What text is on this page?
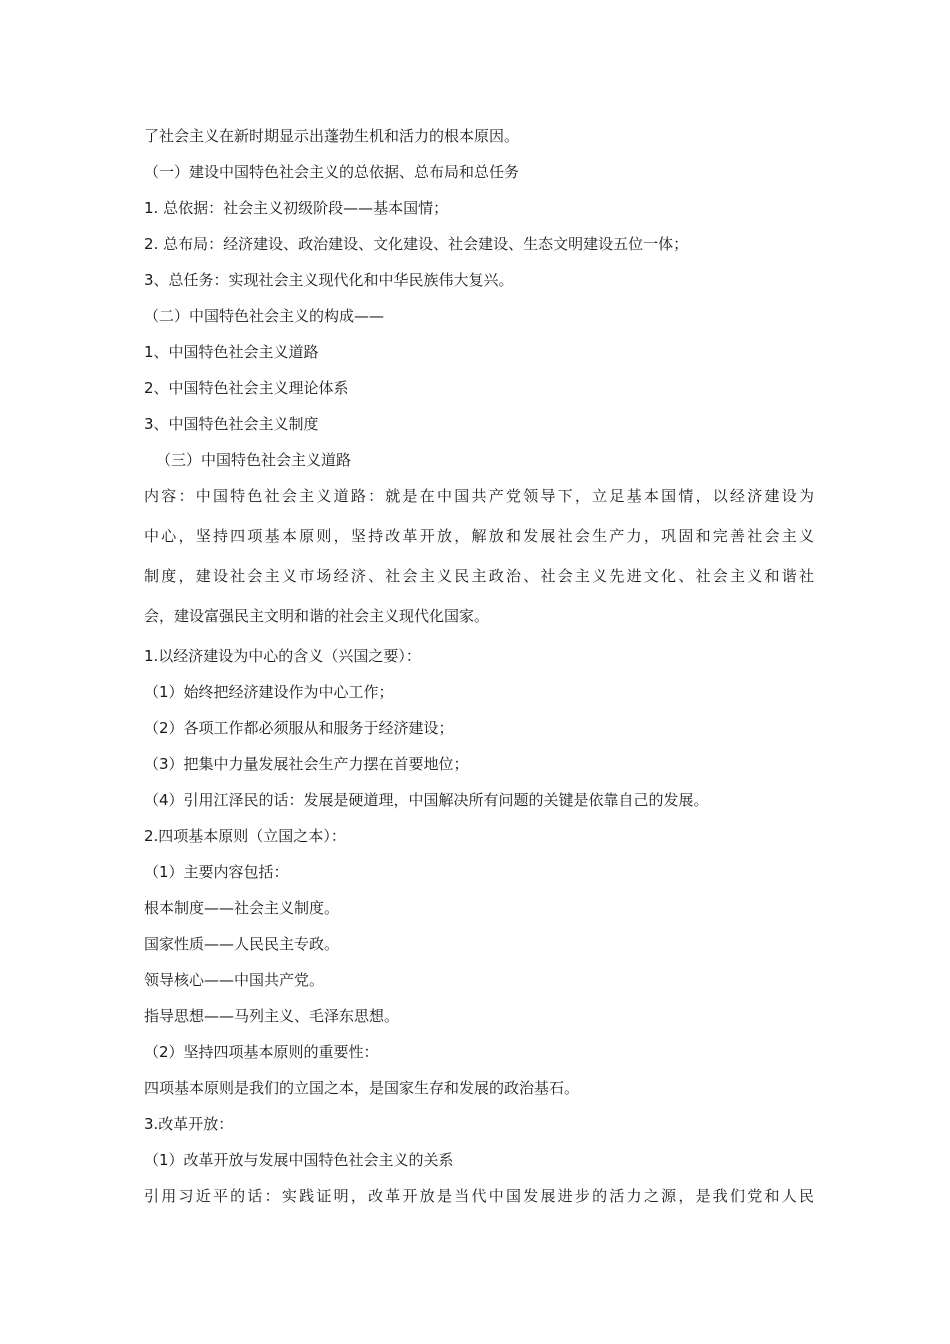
了社会主义在新时期显示出蓬勃生机和活力的根本原因。
（一）建设中国特色社会主义的总依据、总布局和总任务
1. 总依据：社会主义初级阶段——基本国情；
2. 总布局：经济建设、政治建设、文化建设、社会建设、生态文明建设五位一体；
3、总任务：实现社会主义现代化和中华民族伟大复兴。
（二）中国特色社会主义的构成——
1、中国特色社会主义道路
2、中国特色社会主义理论体系
3、中国特色社会主义制度
（三）中国特色社会主义道路
内容：中国特色社会主义道路：就是在中国共产党领导下，立足基本国情，以经济建设为
中心，坚持四项基本原则，坚持改革开放，解放和发展社会生产力，巩固和完善社会主义
制度，建设社会主义市场经济、社会主义民主政治、社会主义先进文化、社会主义和谐社
会，建设富强民主文明和谐的社会主义现代化国家。
1.以经济建设为中心的含义（兴国之要）：
（1）始终把经济建设作为中心工作；
（2）各项工作都必须服从和服务于经济建设；
（3）把集中力量发展社会生产力摆在首要地位；
（4）引用江泽民的话：发展是硬道理，中国解决所有问题的关键是依靠自己的发展。
2.四项基本原则（立国之本）：
（1）主要内容包括：
根本制度——社会主义制度。
国家性质——人民民主专政。
领导核心——中国共产党。
指导思想——马列主义、毛泽东思想。
（2）坚持四项基本原则的重要性：
四项基本原则是我们的立国之本，是国家生存和发展的政治基石。
3.改革开放：
（1）改革开放与发展中国特色社会主义的关系
引用习近平的话：实践证明，改革开放是当代中国发展进步的活力之源，是我们党和人民
